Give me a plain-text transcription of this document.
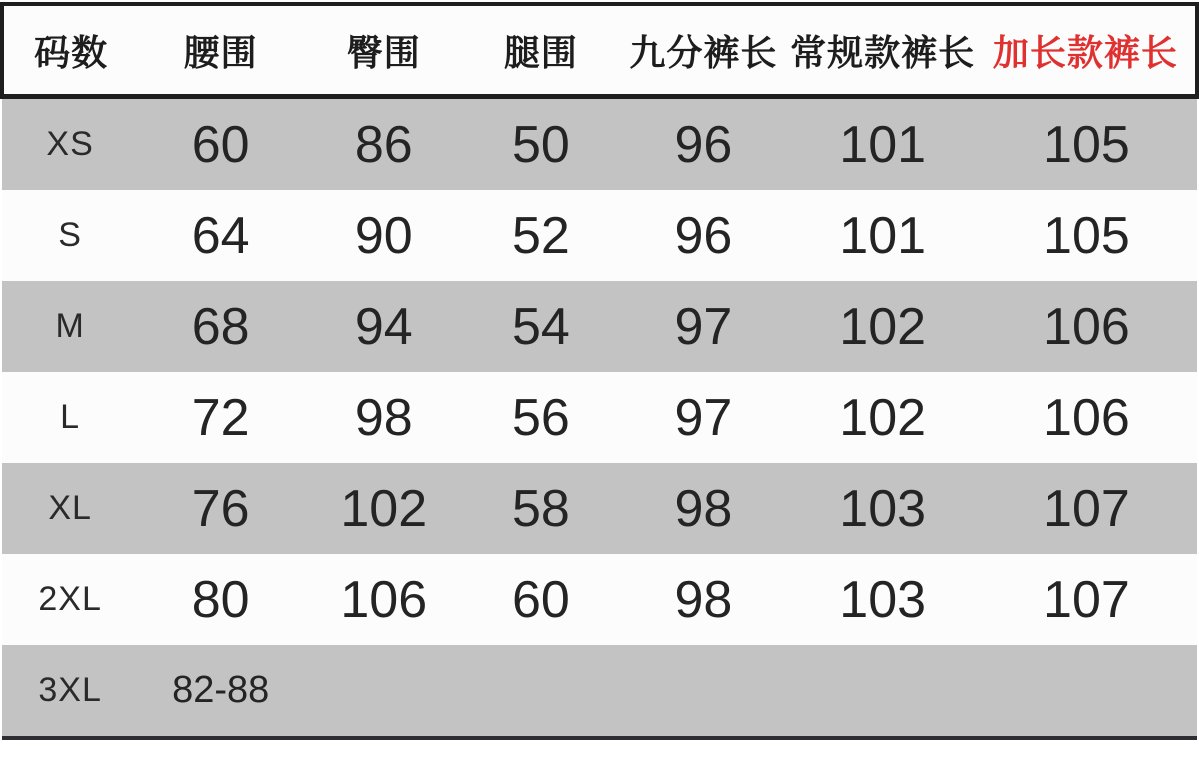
码数	腰围	臀围	腿围	九分裤长	常规款裤长	加长款裤长
XS	60	86	50	96	101	105
S	64	90	52	96	101	105
M	68	94	54	97	102	106
L	72	98	56	97	102	106
XL	76	102	58	98	103	107
2XL	80	106	60	98	103	107
3XL	82-88					
